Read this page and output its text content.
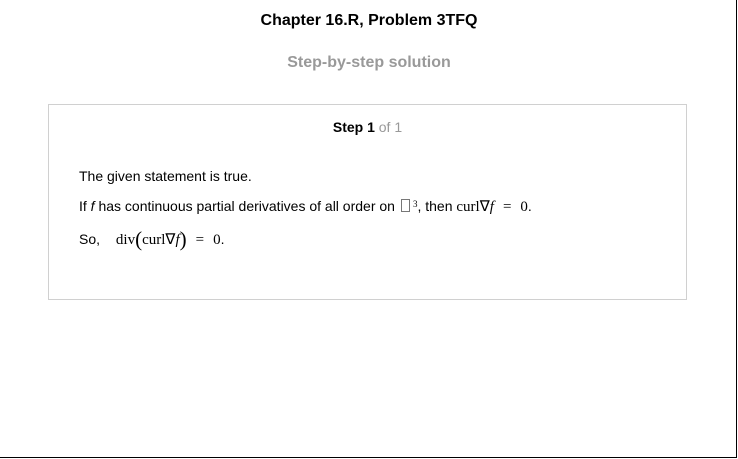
Chapter 16.R, Problem 3TFQ
Step-by-step solution
Step 1 of 1
The given statement is true.
If f has continuous partial derivatives of all order on $^3$, then curl∇f = 0.
So, div(curl∇f) = 0.
